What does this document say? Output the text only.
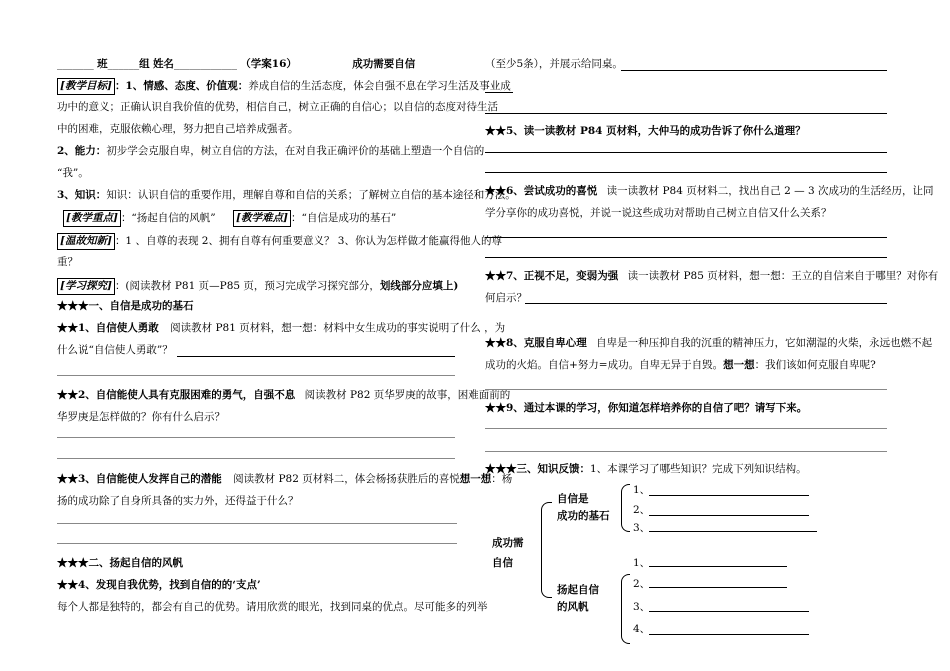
_______ 班______组 姓名____________ （学案16）	成功需要自信
[教学目标] ：1、情感、态度、价值观：养成自信的生活态度，体会自强不息在学习生活及事业成
功中的意义；正确认识自我价值的优势，相信自己，树立正确的自信心；以自信的态度对待生活
中的困难，克服依赖心理，努力把自己培养成强者。
2、能力：初步学会克服自卑，树立自信的方法，在对自我正确评价的基础上塑造一个自信的
“我”。
3、知识：知识：认识自信的重要作用，理解自尊和自信的关系；了解树立自信的基本途径和方法。
[教学重点] ：“扬起自信的风帆” [教学难点] ：“自信是成功的基石”
[温故知新] ：1 、自尊的表现 2、拥有自尊有何重要意义？ 3、你认为怎样做才能赢得他人的尊
重？
[学习探究] ：(阅读教材 P81 页—P85 页，预习完成学习探究部分，划线部分应填上)
★★★一、自信是成功的基石
★★1、自信使人勇敢 阅读教材 P81 页材料，想一想：材料中女生成功的事实说明了什么 ，为
什么说“自信使人勇敢”？
★★2、自信能使人具有克服困难的勇气，自强不息 阅读教材 P82 页华罗庚的故事，困难面前的
华罗庚是怎样做的？你有什么启示？
★★3、自信能使人发挥自己的潜能 阅读教材 P82 页材料二，体会杨扬获胜后的喜悦想一想：杨
扬的成功除了自身所具备的实力外，还得益于什么？
★★★二、扬起自信的风帆
★★4、发现自我优势，找到自信的的‘支点’
每个人都是独特的，都会有自己的优势。请用欣赏的眼光，找到同桌的优点。尽可能多的列举
（至少5条），并展示给同桌。
★★5、读一读教材 P84 页材料，大仲马的成功告诉了你什么道理？
★★6、尝试成功的喜悦 读一读教材 P84 页材料二，找出自己 2 — 3 次成功的生活经历，让同
学分享你的成功喜悦，并说一说这些成功对帮助自己树立自信又什么关系？
★★7、正视不足，变弱为强 读一读教材 P85 页材料，想一想：王立的自信来自于哪里？对你有
何启示？
★★8、克服自卑心理 自卑是一种压抑自我的沉重的精神压力，它如潮湿的火柴，永远也燃不起
成功的火焰。自信+努力=成功。自卑无异于自毁。想一想：我们该如何克服自卑呢?
★★9、通过本课的学习，你知道怎样培养你的自信了吧？请写下来。
★★★三、知识反馈：1、本课学习了哪些知识？完成下列知识结构。
成功需
自信
自信是
成功的基石
1、
2、
3、
扬起自信
的风帆
1、
2、
3、
4、
